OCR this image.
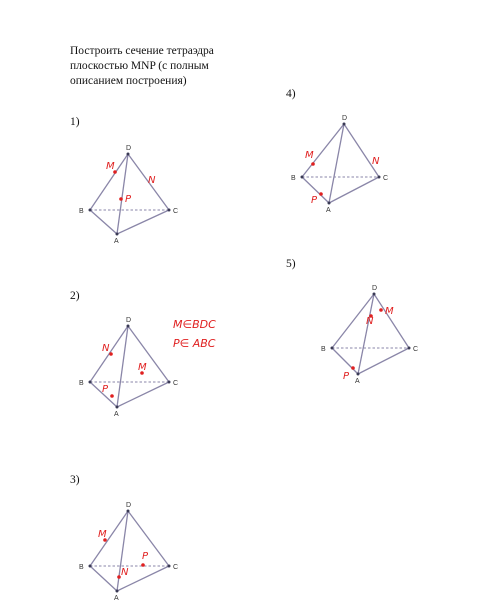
Построить сечение тетраэдра
плоскостью MNP (с полным
описанием построения)
1)
D
B	C
A
M
N
P
2)
D
B	C
A
N
M
P
M∈BDC
P∈ ABC
3)
D
B	C
A
M
P
N
4)
D
B	C
A
M
N
P
5)
D
B	C
A
N
M
P
